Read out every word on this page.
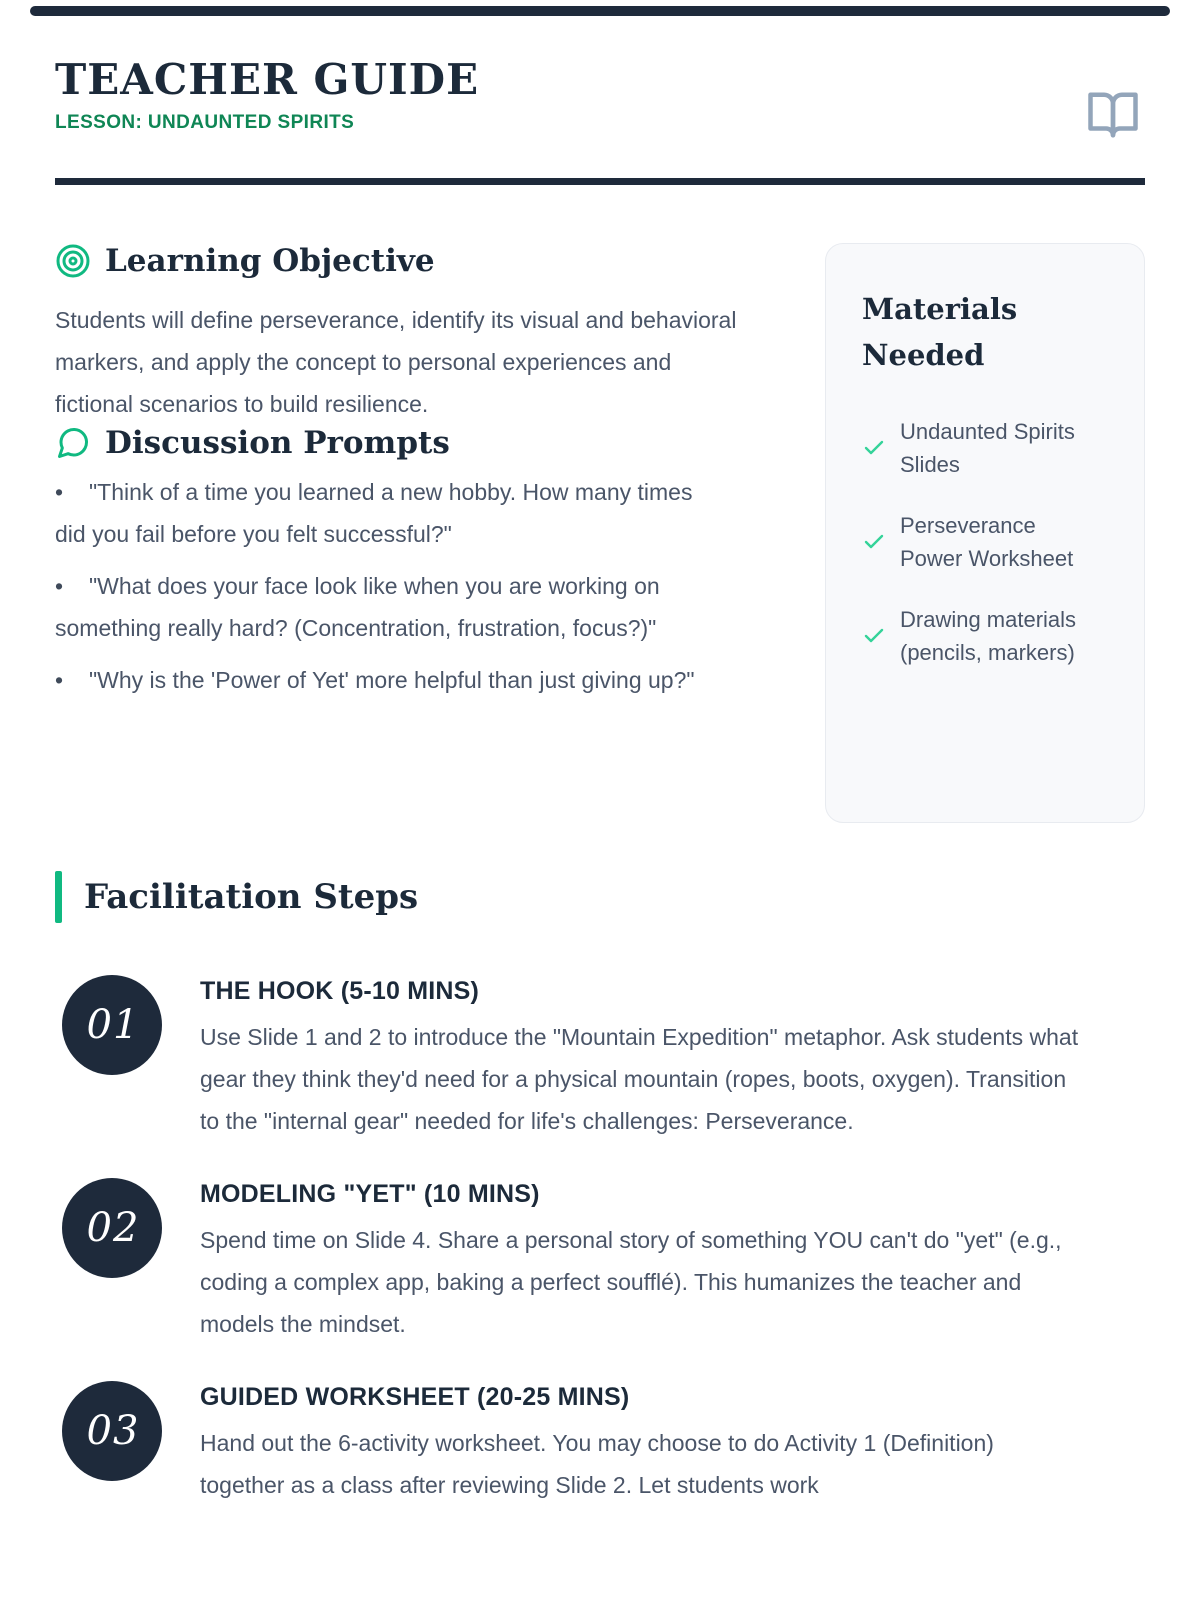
TEACHER GUIDE
LESSON: UNDAUNTED SPIRITS
Learning Objective
Students will define perseverance, identify its visual and behavioral markers, and apply the concept to personal experiences and fictional scenarios to build resilience.
Discussion Prompts
• "Think of a time you learned a new hobby. How many times did you fail before you felt successful?"
• "What does your face look like when you are working on something really hard? (Concentration, frustration, focus?)"
• "Why is the 'Power of Yet' more helpful than just giving up?"
Materials Needed
Undaunted Spirits Slides
Perseverance Power Worksheet
Drawing materials (pencils, markers)
Facilitation Steps
01
THE HOOK (5-10 MINS)
Use Slide 1 and 2 to introduce the "Mountain Expedition" metaphor. Ask students what gear they think they'd need for a physical mountain (ropes, boots, oxygen). Transition to the "internal gear" needed for life's challenges: Perseverance.
02
MODELING "YET" (10 MINS)
Spend time on Slide 4. Share a personal story of something YOU can't do "yet" (e.g., coding a complex app, baking a perfect soufflé). This humanizes the teacher and models the mindset.
03
GUIDED WORKSHEET (20-25 MINS)
Hand out the 6-activity worksheet. You may choose to do Activity 1 (Definition) together as a class after reviewing Slide 2. Let students work
